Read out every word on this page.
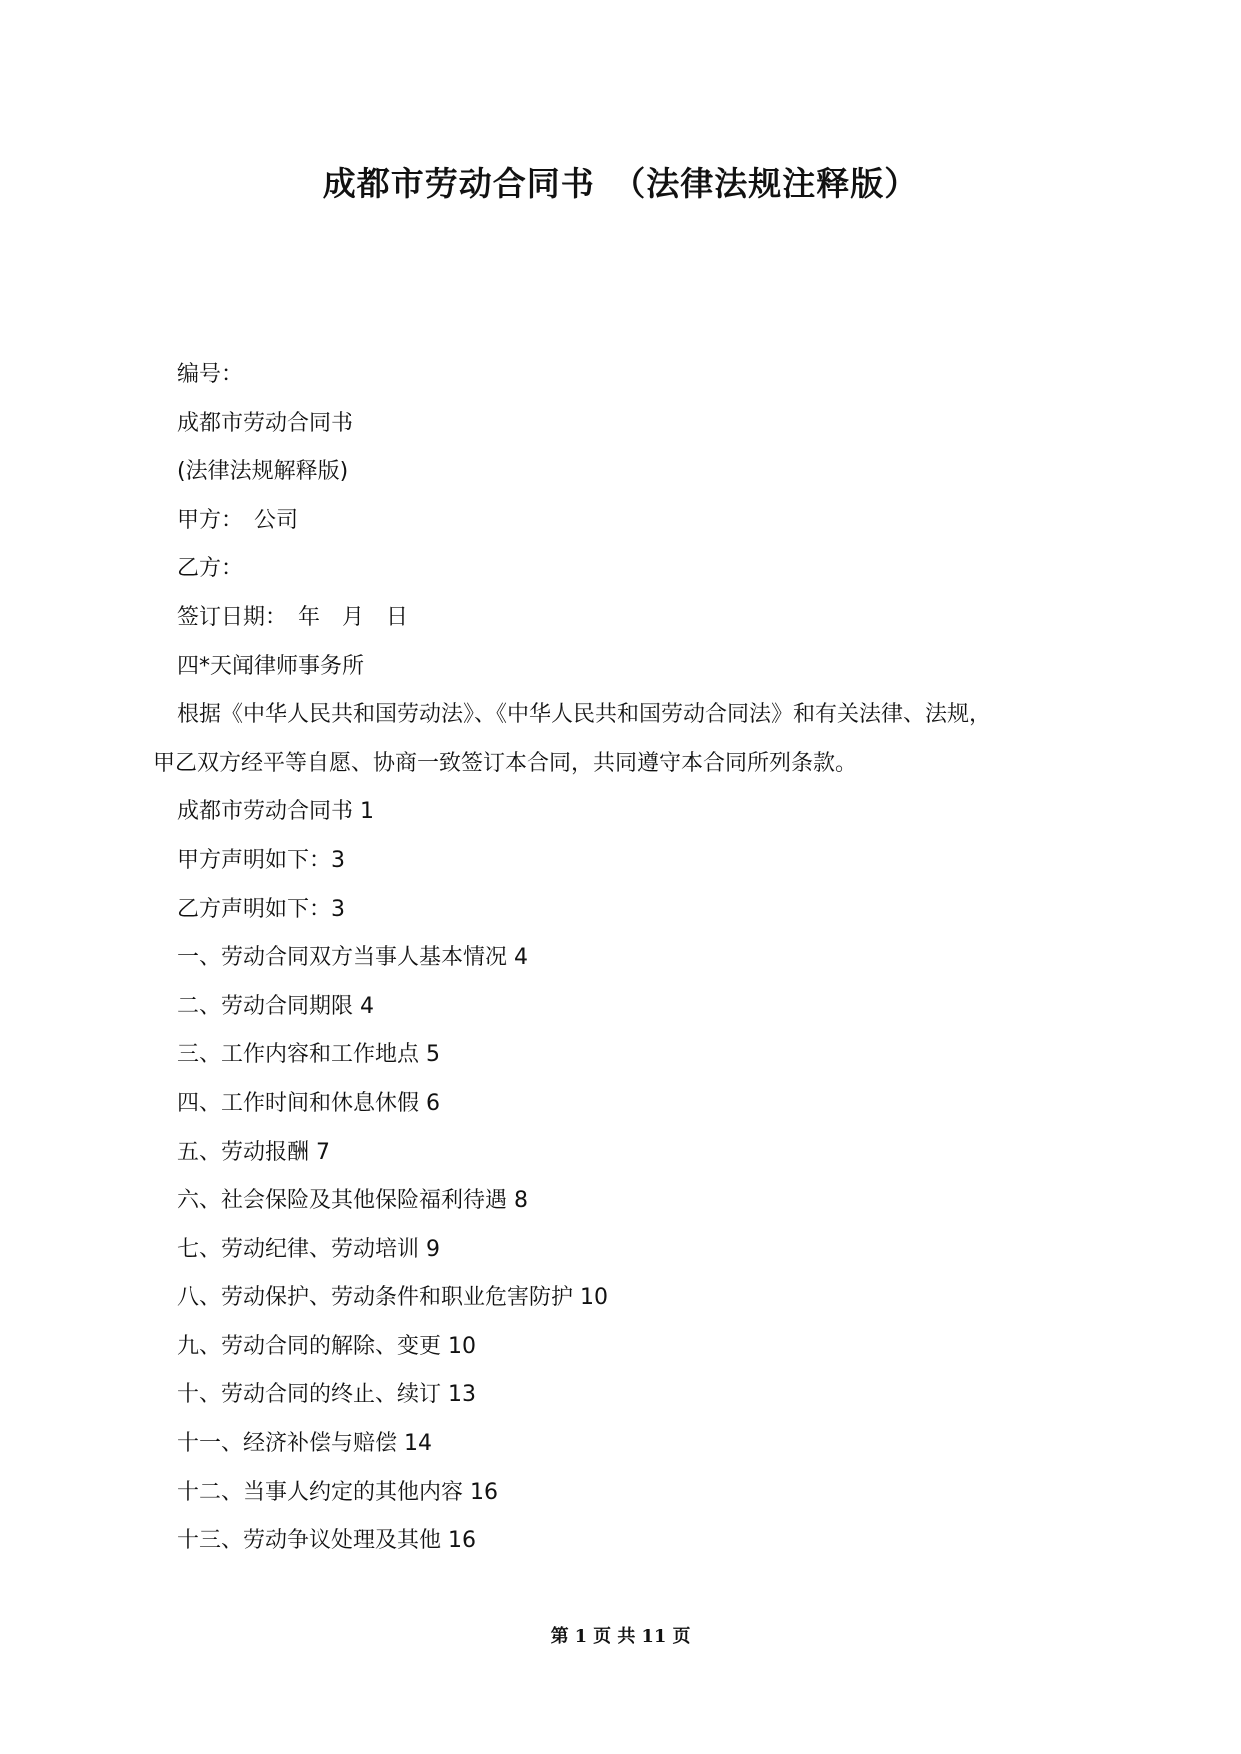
成都市劳动合同书　（法律法规注释版）
编号：
成都市劳动合同书
(法律法规解释版)
甲方：　公司
乙方：
签订日期：　年　月　日
四*天闻律师事务所
根据《中华人民共和国劳动法》、《中华人民共和国劳动合同法》和有关法律、法规，
甲乙双方经平等自愿、协商一致签订本合同，共同遵守本合同所列条款。
成都市劳动合同书 1
甲方声明如下：3
乙方声明如下：3
一、劳动合同双方当事人基本情况 4
二、劳动合同期限 4
三、工作内容和工作地点 5
四、工作时间和休息休假 6
五、劳动报酬 7
六、社会保险及其他保险福利待遇 8
七、劳动纪律、劳动培训 9
八、劳动保护、劳动条件和职业危害防护 10
九、劳动合同的解除、变更 10
十、劳动合同的终止、续订 13
十一、经济补偿与赔偿 14
十二、当事人约定的其他内容 16
十三、劳动争议处理及其他 16
第 1 页 共 11 页
